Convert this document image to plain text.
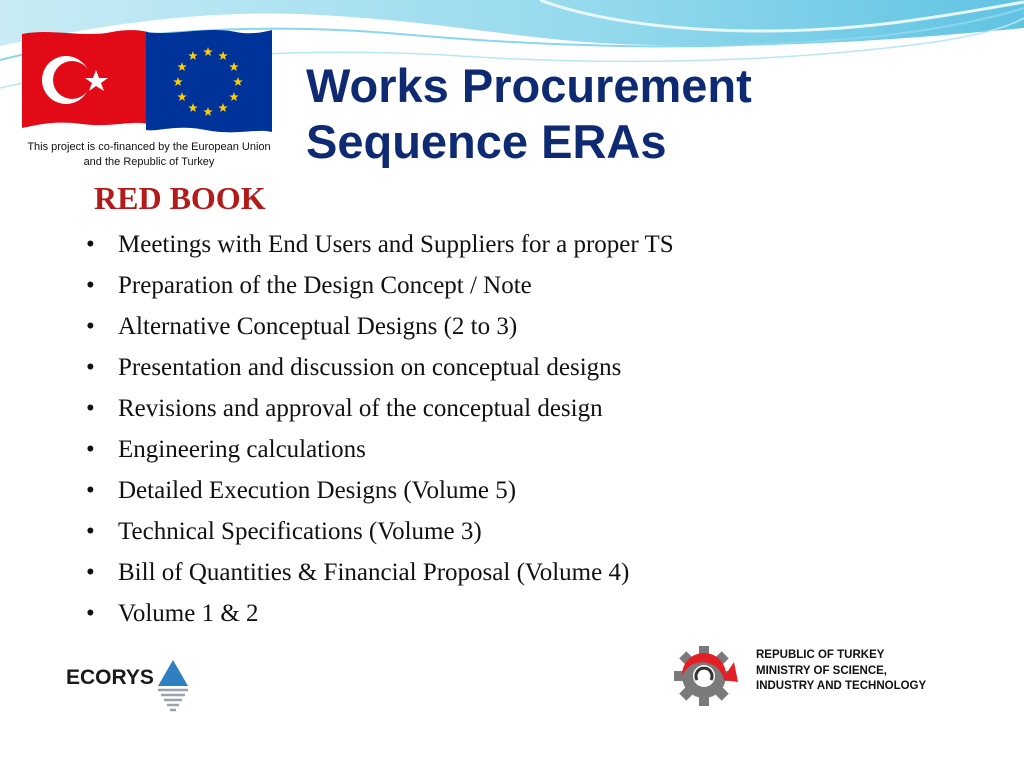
This project is co-financed by the European Union and the Republic of Turkey
Works Procurement
Sequence ERAs
RED BOOK
• Meetings with End Users and Suppliers for a proper TS
• Preparation of the Design Concept / Note
• Alternative Conceptual Designs (2 to 3)
• Presentation and discussion on conceptual designs
• Revisions and approval of the conceptual design
• Engineering calculations
• Detailed Execution Designs (Volume 5)
• Technical Specifications (Volume 3)
• Bill of Quantities & Financial Proposal (Volume 4)
• Volume 1 & 2
ECORYS
REPUBLIC OF TURKEY
MINISTRY OF SCIENCE,
INDUSTRY AND TECHNOLOGY
